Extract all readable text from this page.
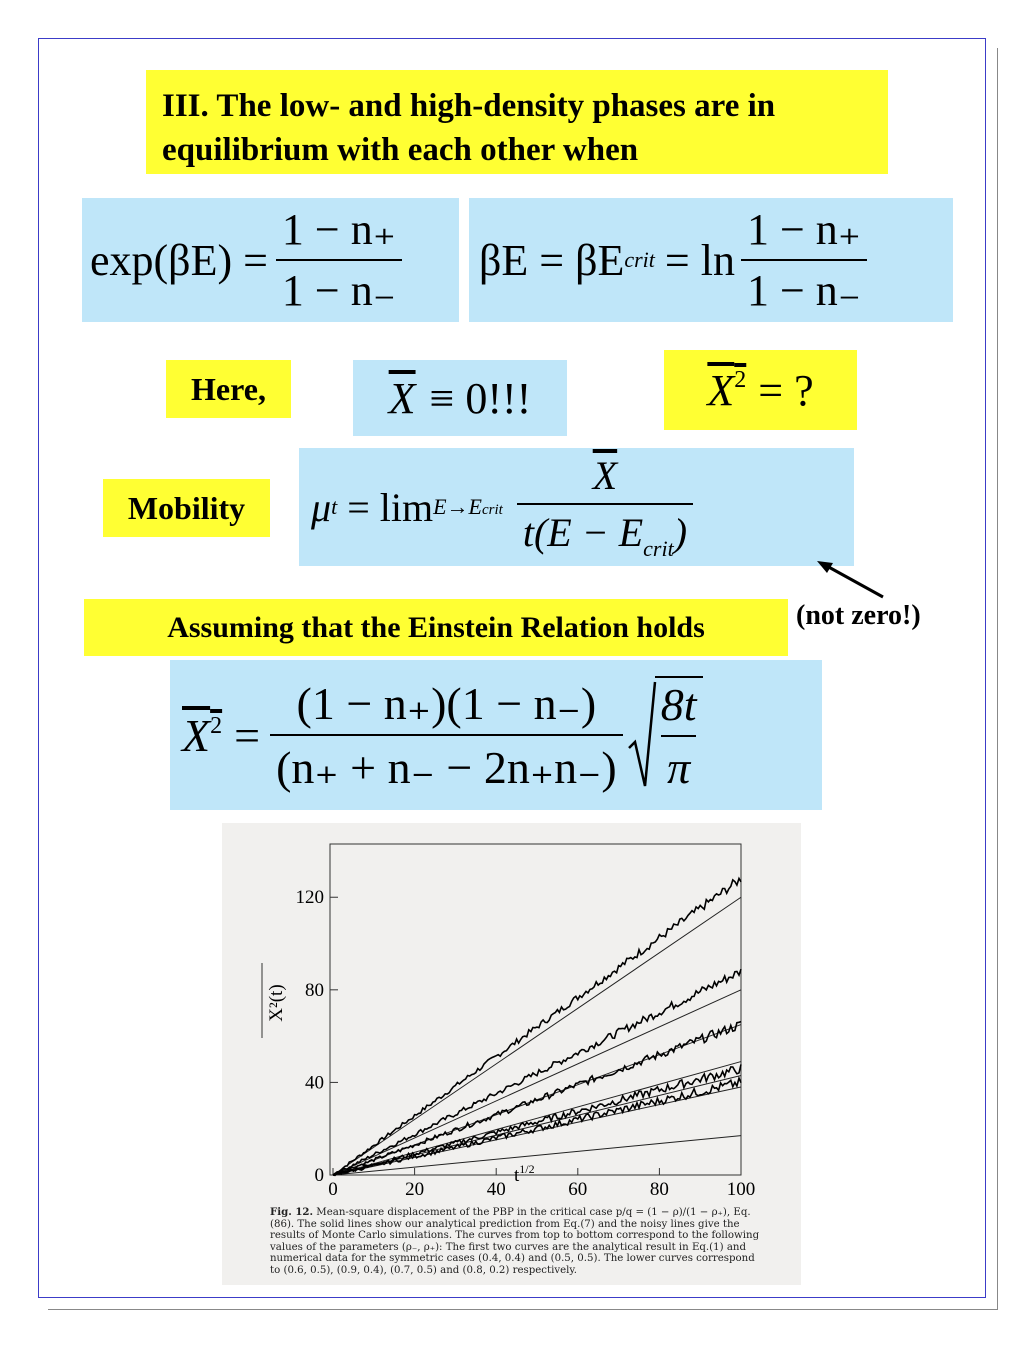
III. The low- and high-density phases are in
equilibrium with each other when
$\exp(\beta E) = \frac{1 - n_+}{1 - n_-}$ βE = βE crit = $\ln \frac{1 - n_+}{1 - n_-}$
Here,	$\overline{X} \equiv 0$!!!	$X^2$ = ?
Mobility	μ t = lim E→Ecrit $\frac{\overline{X}}{t(E - E_{crit})}$
(not zero!)
Assuming that the Einstein Relation holds
$X^2 = \frac{(1 - n_+)(1 - n_-)}{(n_+ + n_- - 2n_+n_-)} \frac{8t}{\pi}$
0	20	40	60	80	100
0
40
80
120
X²(t)
$t^{1/2}$
Fig. 12. Mean-square displacement of the PBP in the critical case p/q = (1 − ρ)/(1 − ρ₊), Eq.(86). The solid lines show our analytical prediction from Eq.(7) and the noisy lines give the results of Monte Carlo simulations. The curves from top to bottom correspond to the following values of the parameters (ρ₋, ρ₊): The first two curves are the analytical result in Eq.(1) and numerical data for the symmetric cases (0.4, 0.4) and (0.5, 0.5). The lower curves correspond to (0.6, 0.5), (0.9, 0.4), (0.7, 0.5) and (0.8, 0.2) respectively.
